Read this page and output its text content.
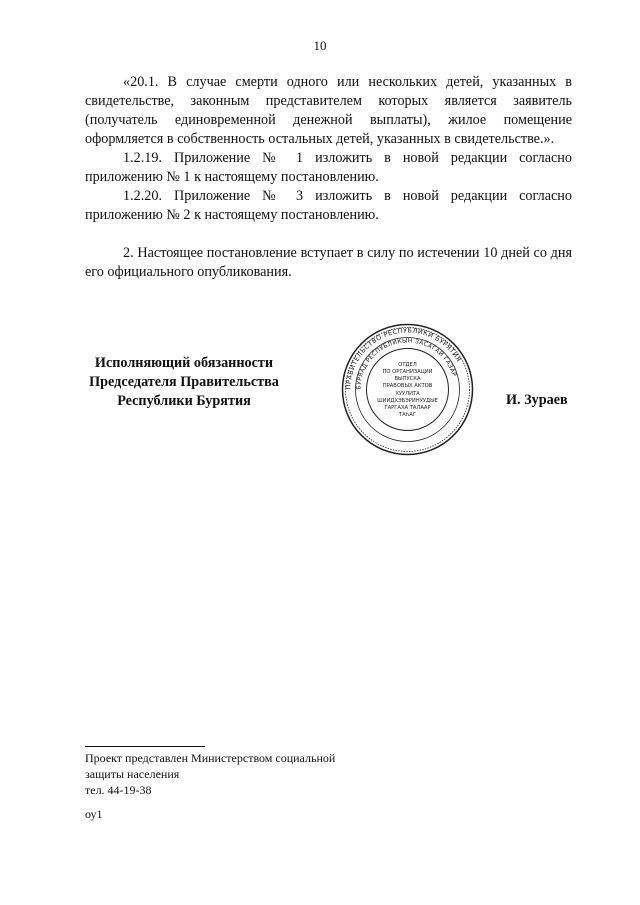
10

«20.1. В случае смерти одного или нескольких детей, указанных в свидетельстве, законным представителем которых является заявитель (получатель единовременной денежной выплаты), жилое помещение оформляется в собственность остальных детей, указанных в свидетельстве.».

1.2.19. Приложение № 1 изложить в новой редакции согласно приложению № 1 к настоящему постановлению.

1.2.20. Приложение № 3 изложить в новой редакции согласно приложению № 2 к настоящему постановлению.

2. Настоящее постановление вступает в силу по истечении 10 дней со дня его официального опубликования.

Исполняющий обязанности
Председателя Правительства
Республики Бурятия
ПРАВИТЕЛЬСТВО РЕСПУБЛИКИ БУРЯТИЯ
БУРЯАД РЕСПУБЛИКЫН ЗАСАГАЙ ГАЗАР
ОТДЕЛ
ПО ОРГАНИЗАЦИИ
ВЫПУСКА
ПРАВОВЫХ АКТОВ
ХУУЛИТА
ШИИДХЭБЭРИНУУДЫЕ
ГАРГАХА ТАЛААР
ТАҺАГ
И. Зураев
Проект представлен Министерством социальной
защиты населения
тел. 44-19-38
оу1
